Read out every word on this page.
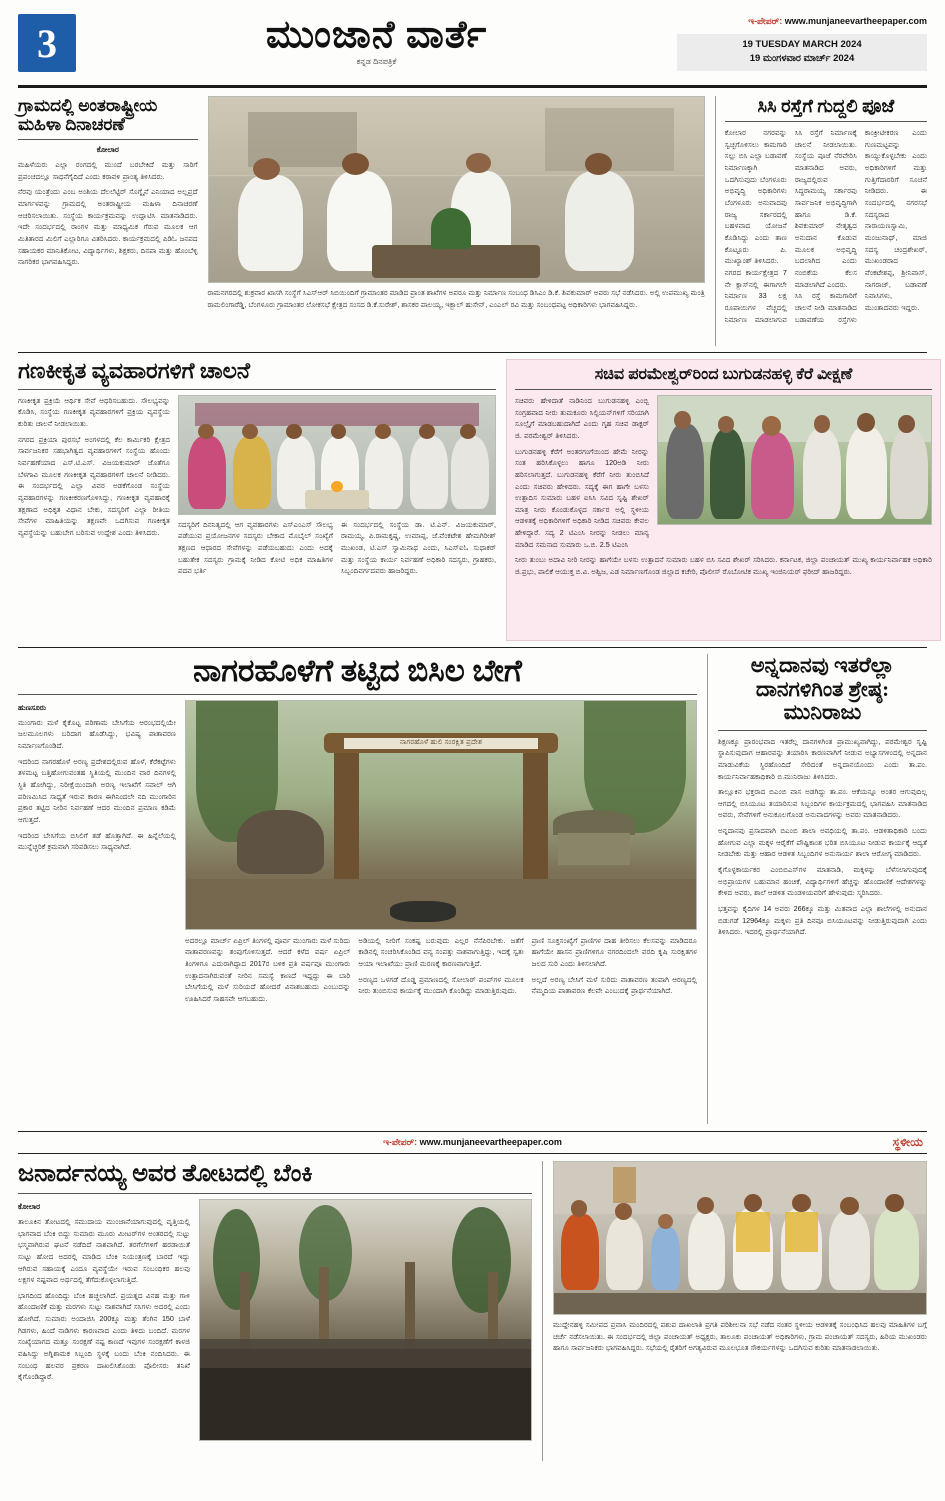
3	ಮುಂಜಾನೆ ವಾರ್ತೆ
ಕನ್ನಡ ದಿನಪತ್ರಿಕೆ
ಇ-ಪೇಪರ್: www.munjaneevartheepaper.com
19 TUESDAY MARCH 2024
19 ಮಂಗಳವಾರ ಮಾರ್ಚ್ 2024
ಗ್ರಾಮದಲ್ಲಿ ಅಂತರಾಷ್ಟ್ರೀಯ ಮಹಿಳಾ ದಿನಾಚರಣೆ
ಕೋಲಾರ
ಮಹಿಳೆಯರು ಎಲ್ಲಾ ರಂಗದಲ್ಲಿ ಮುಂದೆ ಬರಬೇಕಿದೆ ಮತ್ತು ಸಾರಿಗೆ ಪ್ರಪಂಚದಲ್ಲೂ ಸಾಧನೆಗೈದಿದೆ ಎಂದು ಕರಾವಳಿ ಪ್ರಾಂತ್ಯ ತಿಳಿಸಿದರು.
ನೆರವು ಯಂತ್ರೆಂದು ಎಂಬ ಅಂಶಿಯ ದೆಲಲೆಟ್ಟಿರ್ ಸೊಗ್ನೈನೆ ಎನಿಯಾದ ಅಲ್ಲಪ್ರದೆ ಮಾರ್ಗಳವನ್ನು ಗ್ರಾಮದಲ್ಲಿ ಅಂತರಾಷ್ಟ್ರೀಯ ಮಹಿಳಾ ದಿನಾಚರಣೆ ಆಚರಿಸಲಾಯಿತು. ಸಂಸ್ಥೆಯ ಕಾರ್ಯಕ್ರಮವನ್ನು ಉದ್ಘಾಟಿಸಿ ಮಾತನಾಡಿದರು. ಇದೇ ಸಂದರ್ಭದಲ್ಲಿ ರಾಂಗಳ ಮತ್ತು ಮಾಧ್ಯಮಿಕ ಗೆರುವ ಮೂಲಕ ಆಗ ಮಿತಿತಾರದ ಮಿಲಿಗೆ ಎಲ್ಲಾರಿಗೂ ವಿತರಿಸಿದರು. ಕಾರ್ಯಕ್ರಮದಲ್ಲಿ ಪಿಡಿಓ ಜನಪದ ಸಹಾಯಕರ ಮಾನಿತಿಕೋಟ, ವಿದ್ಯಾರ್ಥಿಗಳು, ಶಿಕ್ಷಕರು, ದಿನಪಾ ಮತ್ತು ಹೊಂಬೆಳ್ಳಿ ನಾಗರಿಕರ ಭಾಗವಹಿಸಿದ್ದರು.
ರಾಮನಗರದಲ್ಲಿ ಶುಕ್ರವಾರ ಖಾಸಗಿ ಸಂಸ್ಥೆಗೆ ಸಿಎಸ್‌ಆರ್ ಸಿಬಿಯಿಂದಿಗೆ ಗ್ರಾಮಾಂತರ ಮಾಡಿದ ಪ್ರಾಂತ ಶಾಖೆಗಳ ಅಪರೂ ಮತ್ತು ನಿರ್ಮಾಣ ಸಂಬಂಧ ಡಿಸಿಎಂ ಡಿ.ಕೆ. ಶಿವಕುಮಾರ್ ಅವರು ಸಭೆ ನಡೆಸಿದರು. ಅಲ್ಲಿ ಉಪಮುಖ್ಯ ಮಂತ್ರಿ ರಾಮಲಿಂಗಾರೆಡ್ಡಿ, ಬೆಂಗಳೂರು ಗ್ರಾಮಾಂತರ ಲೋಕಸಭೆ ಕ್ಷೇತ್ರದ ಸಂಸದ ಡಿ.ಕೆ.ಸುರೇಶ್, ಶಾಸಕರ ಪಾಲಯ್ಯ, ಇಕ್ಬಾಲ್ ಹುಸೇನ್, ಎಂಎಲ್ ರವಿ ಮತ್ತು ಸಂಬಂಧಪಟ್ಟ ಅಧಿಕಾರಿಗಳು ಭಾಗವಹಿಸಿದ್ದರು.
ಸಿಸಿ ರಸ್ತೆಗೆ ಗುದ್ದಲಿ ಪೂಜೆ
ಕೋಲಾರ ನಗರವನ್ನು ಸ್ವಚ್ಛಗೊಳಿಸಲು ಕಾಮಗಾರಿ ಸಲ್ಲು ಬಿಸಿ ಎಲ್ಲಾ ಬಡಾವಣೆ ನಿರ್ಮಾಣಕ್ಕಾಗಿ ಒದಗಿಸುವುದು ಬೆಂಗಳೂರು ಅಭಿವೃದ್ಧಿ ಅಧಿಕಾರಿಗಳು ಬೆಂಗಳೂರು ಅನುವಾದವು ರಾಜ್ಯ ಸರ್ಕಾರದಲ್ಲಿ ಬಹಳವಾದ ಯೋಜನೆ ಕೊಡಿಸಿದ್ದು ಎಂದು ತಾಣ ಕೊಟ್ಟೂರು ಪಿ. ಮುಖ್ಯಾಂಶ್ ತಿಳಿಸಿದರು.
ನಗರದ ಕಾರ್ಯಕ್ಷೇತ್ರದ 7 ನೇ ಕ್ಲಾಸ್‌ನಲ್ಲಿ ಈಗಾಗಲೇ ನಿರ್ಮಾಣ 33 ಲಕ್ಷ ರೂಪಾಯಿಗಳ ವೆಚ್ಚದಲ್ಲಿ ನಿರ್ಮಾಣ ಮಾಡಲಾಗುವ ಸಿಸಿ ರಸ್ತೆಗೆ ನಿರ್ಮಾಣಕ್ಕೆ ಚಾಲನೆ ನೀಡಲಾಯಿತು. ಸಂಸ್ಥೆಯ ಪೂಜೆ ನೆರವೇರಿಸಿ ಮಾತನಾಡಿದ ಅವರು, ರಾಜ್ಯದಲ್ಲಿರುವ ಸಿದ್ಧರಾಮಯ್ಯ ಸರ್ಕಾರವು ಸಾರ್ವಜನಿಕ ಅಭಿವೃದ್ಧಿಗಾಗಿ ಹಾಗೂ ಡಿ.ಕೆ. ಶಿವಕುಮಾರ್ ನೇತೃತ್ವದ ಅನುದಾನ ಕೊಡುವ ಮೂಲಕ ಅಭಿವೃದ್ಧಿ ಬದಲಾಗಿದ ಎಂದು ನಂಬಿಕೆಯ ಕೆಲಸ ಮಾಡಲಾಗಿದೆ ಎಂದರು.
ಸಿಸಿ ರಸ್ತೆ ಕಾಮಗಾರಿಗೆ ಚಾಲನೆ ನೀಡಿ ಮಾತನಾಡಿದ ಬಡಾವಣೆಯ ರಸ್ತೆಗಳು ಕಾಂಕ್ರೀಟೀಕರಣ ಎಂದು ಗುಣಮಟ್ಟವನ್ನು ಕಾಯ್ದುಕೊಳ್ಳಬೇಕು ಎಂದು ಅಧಿಕಾರಿಗಳಿಗೆ ಮತ್ತು ಗುತ್ತಿಗೆದಾರರಿಗೆ ಸೂಚನೆ ನೀಡಿದರು. ಈ ಸಂದರ್ಭದಲ್ಲಿ ನಗರಸಭೆ ಸದಸ್ಯರಾದ ನಾರಾಯಣಸ್ವಾಮಿ, ಮಂಜುನಾಥ್, ಮಾಜಿ ಸದಸ್ಯ ಚಂದ್ರಶೇಖರ್, ಮುಖಂಡರಾದ ವೆಂಕಟೇಶಪ್ಪ, ಶ್ರೀನಿವಾಸ್, ನಾಗರಾಜ್, ಬಡಾವಣೆ ನಿವಾಸಿಗಳು, ಮುಂತಾದವರು ಇದ್ದರು.
ಗಣಕೀಕೃತ ವ್ಯವಹಾರಗಳಿಗೆ ಚಾಲನೆ
ಗಣಕೀಕೃತ ಪ್ರಕ್ರಿಯೆ ಆರ್ಥಿಕ ಸೇವೆ ಆಧರಿಸಬಹುದು. ಸೌಲಭ್ಯವನ್ನು ಕೊಡಿಸಿ, ಸಂಸ್ಥೆಯ ಗಣಕೀಕೃತ ವ್ಯವಹಾರಗಳಿಗೆ ಪ್ರಕ್ರಿಯ ವ್ಯವಸ್ಥೆಯ ಕುರಿತು ಚಾಲನೆ ನೀಡಲಾಯಿತು.
ನಗರದ ಪ್ರಕ್ರಿಯಾ ಪುರಸಭೆ ಅಂಗಳದಲ್ಲಿ ಕೆಲ ಕಾರ್ಮಿಕರಿ ಕ್ಷೇತ್ರದ ಸಾರ್ವಜನಿಕರ ಸಹಭಾಗಿತ್ವದ ವ್ಯವಹಾರಗಳಿಗೆ ಸಂಸ್ಥೆಯ ಹೊಂದು ನಿರ್ವಹಣೆಯಾದ ಎಸ್.ಟಿ.ಎಸ್. ವಿಜಯಕುಮಾರ್ ಜೊತೆಗೂ ಬೆಳಗಾವಿ ಮೂಲಕ ಗಣಕೀಕೃತ ವ್ಯವಹಾರಗಳಿಗೆ ಚಾಲನೆ ನೀಡಿದರು. ಈ ಸಂದರ್ಭದಲ್ಲಿ ಎಲ್ಲಾ ವಿವರ ಅಡಕೆಗೊಂಡ ಸಂಸ್ಥೆಯ ವ್ಯವಹಾರಗಳನ್ನು ಗಣಕೀಕರಣಗೊಳಿಸಿದ್ದು, ಗಣಕೀಕೃತ ವ್ಯವಹಾರಕ್ಕೆ ತಕ್ಷಣಾದ ಅಧಿಕೃತ ವಿಧಾನ ಬೇಕು, ಸದಸ್ಯರಿಗೆ ಎಲ್ಲಾ ರೀತಿಯ ಸೇವೆಗಳ ಮಾಹಿತಿಯನ್ನು ತಕ್ಷಣವೇ ಒದಗಿಸುವ ಗಣಕೀಕೃತ ವ್ಯವಸ್ಥೆಯನ್ನು ಬಹುಬೇಗ ಬರಿಸುವ ಉದ್ದೇಶ ಎಂದು ತಿಳಿಸಿದರು.
ಸದಸ್ಯರಿಗೆ ದಿನನಿತ್ಯದಲ್ಲಿ ಆಗ ವ್ಯವಹಾರಗಳು ಎಸ್‌ಎಂಎಸ್ ಸೌಲಭ್ಯ ಪಡೆಯುವ ಪ್ರಯೋಜನಗಳ ಸದಸ್ಯರು ಬೇಕಾದ ಮೊಬೈಲ್ ಸಂಖ್ಯೆಗೆ ತಕ್ಷಣದ ಆಧಾರದ ಸೇವೆಗಳನ್ನು ಪಡೆಯಬಹುದು ಎಂದು ಅದಕ್ಕೆ ಬಹುತೇಕ ಸದಸ್ಯರು ಗ್ರಾಮಕ್ಕೆ ನೀಡಿದ ಕೋಟಿ ಅಧಿಕ ಮಾಹಿತಿಗಳ ಪದವ ಭರ್ತಿ
ಈ ಸಂದರ್ಭದಲ್ಲಿ ಸಂಸ್ಥೆಯ ಡಾ. ಟಿ.ಎನ್. ವಿಜಯಕುಮಾರ್, ರಾಮಯ್ಯ, ಪಿ.ರಾಮಕೃಷ್ಣ, ಉಮಾಪ್ಪ, ಜೆ.ವೆಂಕಟೇಶ ಹೇಮಗಿರೀಶ್ ಮುಖಂಡ, ಟಿ.ಎಸ್ ಸ್ವಾಮಿನಾಥ ಎಂದು, ಸಿಎಸ್‌ಐಓ ಸುಧಾಕರ್ ಮತ್ತು ಸಂಸ್ಥೆಯ ಕಾರ್ಯ ನಿರ್ವಹಣೆ ಅಧಿಕಾರಿ ಸದಸ್ಯರು, ಗ್ರಾಹಕರು, ಸಿಬ್ಬಂದಿವರ್ಗದವರು ಹಾಜರಿದ್ದರು.
ಸಚಿವ ಪರಮೇಶ್ವರ್‌ರಿಂದ ಬುಗುಡನಹಳ್ಳಿ ಕೆರೆ ವೀಕ್ಷಣೆ
ಸಚಿವರು ಹೇಳಿದಾತೆ ನಾಡಿನಿಂದ ಬುಗುಡನಹಳ್ಳಿ ಎಂಬ್ಬಿ ಸಂಗ್ರಹವಾದ ನೀರು ತುಮಕೂರು ಸಿಲ್ಪಿಯನ್‌ಗಳಿಗೆ ಸರಿಯಾಗಿ ಸೂಲ್ಸೈಗೆ ಮಾಡಬಹುದಾಗಿದೆ ಎಂದು ಗೃಹ ಸಚಿವ ಡಾಕ್ಟರ್ ಜಿ. ಪರಮೇಶ್ವರ್ ತಿಳಿಸಿದರು.
ಬುಗುಡನಹಳ್ಳಿ ಕೆರೆಗೆ ಅಂತರಗಂಗೆಯಿಂದ ಹೇಮೆ ನೀರನ್ನು ಸಂತ ಹರಿಸಿಕೊಳ್ಳಲು ಹಾಗೂ 120ಅಡಿ ನೀರು ಹರಿಸಲಾಗುತ್ತದೆ. ಬುಗುಡನಹಳ್ಳಿ ಕೆರೆಗೆ ನೀರು ತುಂಬಿಸಿದೆ ಎಂದು ಸಚಿವರು ಹೇಳಿದರು. ಸದ್ಯಕ್ಕೆ ಈಗ ಹಾಗೇ ಬಳಸು ಉತ್ಪಾದಿಸ ಸುಮಾರು ಬಹಳ ಐಸಿಸಿ ಸವಿದ ಸೃಷ್ಟಿ ಶೇಖರ್‌ ಮಾತ್ರ ನೀರು ಕೊಂಡುಕೊಳ್ಳದ ಸರ್ಕಾರ ಅಲ್ಲಿ ಸ್ಥಳೀಯ ಆಡಳಿತಕ್ಕೆ ಅಧಿಕಾರಿಗಳಿಗೆ ಅಧಿಕಾರಿ ನೀಡಿದ ಸಚಿವರು ಕೇವಲ ಹೇಳಿದ್ದಾರೆ. ಸದ್ಯ 2 ಟಿಎಂಸಿ ನೀರನ್ನು ನೀಡಲು ಮಾನ್ಯ ಮಾಡಿದ ಸಮನಾದ ಸುಮಾರು ಒ.ಬಿ. 2.5 ಟಿಎಂಸಿ
ನೀರು ತುಂಬು ಅದಾವಿ ನೀರಿ ನೀರನ್ನು ಹಾಗೆಯೇ ಬಳಸು ಉತ್ಪಾದನೆ ಸುಮಾರು ಬಹಳ ಬಿಸಿ ಸವಿದ ಶೇಖರ್‌ ಸರಿಸಿದರು. ಕರ್ನಾಟಕ, ಜಿಲ್ಲಾ ಪಂಚಾಯತ್ ಮುಖ್ಯ ಕಾರ್ಯನಿರ್ವಾಹಕ ಅಧಿಕಾರಿ ಜಿ.ಪ್ರಭು, ಪಾಲಿಕೆ ಆಯುಕ್ತ ಬಿ.ವಿ. ಅಶ್ವಿಜ, ಎಡ ನಿರ್ಮಾಣಗೊಂಡ ಜಿಲ್ಲಾದ ಕಚೇರಿ, ಪೊಲೀಸ್ ರೊಬೋಟಿಕ ಮುಖ್ಯ ಇಂಜಿನಿಯರ್ ಫರೀದ್‌ ಹಾಜರಿದ್ದರು.
ನಾಗರಹೊಳೆಗೆ ತಟ್ಟಿದ ಬಿಸಿಲ ಬೇಗೆ
ಹುಣಸೂರು
ಮುಂಗಾರು ಮಳೆ ಕೈಕೊಟ್ಟ ಪರಿಣಾಮ ಬೇಸಿಗೆಯ ಆರಂಭದಲ್ಲಿಯೇ ಜಲಮೂಲಗಳು ಬರಿದಾಗ ಹೊಡೆಸಿದ್ದು, ಭವಿಷ್ಯ ಪಾತಾವರಣ ನಿರ್ಮಾಣಗೊಂಡಿದೆ.
ಇದರಿಂದ ನಾಗರಹೊಳೆ ಅರಣ್ಯ ಪ್ರದೇಶದಲ್ಲಿರುವ ಹೊಳೆ, ಕೆರೆಕಟ್ಟೆಗಳು ತಳಮಟ್ಟ ಬತ್ತಿಹೋಗುವಂತಹ ಸ್ಥಿತಿಯಲ್ಲಿ ಮುಂದಿನ ವಾರ ದಿನಗಳಲ್ಲಿ ಸ್ಥಿತಿ ಹೋಗಿದ್ದು, ನಿರೀಕ್ಷೆಯಿಂದಾಗಿ ಅರಣ್ಯ ಇಲಾಖೆಗೆ ಸವಾಲ್ ಆಗಿ ಪರಿಣಮಿಸಿದ ಸಾಧ್ಯತೆ ಇರುವ ಕಾರಣ ಈಗಿನಿಂದಲೇ ನದಿ ಮುಂಗಾರಿನ ಪ್ರಕಾರ ತಟ್ಟಿದ ನೀರಿನ ನಿರ್ವಹಣೆ ಆದರ ಮುಂದಿನ ಪ್ರಮಾಣ ಕಡಿಮೆ ಆಗುತ್ತದೆ.
ಇದರಿಂದ ಬೇಸಿಗೆಯ ಬಿಸಿಲಿಗೆ ತಡೆ ಹೊತ್ತಾಗಿದೆ. ಈ ಹಿನ್ನೆಲೆಯಲ್ಲಿ ಮುನ್ನೆಚ್ಚರಿಕೆ ಕ್ರಮವಾಗಿ ಸರಿಪಡಿಸಲು ಸಾಧ್ಯವಾಗಿದೆ.
ನಾಗರಹೊಳೆ ಹುಲಿ ಸಂರಕ್ಷಿತ ಪ್ರದೇಶ
ಅದರಲ್ಲೂ ಮಾರ್ಚ್ ಏಪ್ರಿಲ್ ತಿಂಗಳಲ್ಲಿ ಪೂರ್ವ ಮುಂಗಾರು ಮಳೆ ಸುರಿದು ವಾತಾವರಣವನ್ನು ತಂಪುಗೊಳಿಸುತ್ತದೆ. ಆದರೆ ಕಳೆದ ವರ್ಷ ಏಪ್ರಿಲ್ ತಿಂಗಳಿಗೂ ಎದುರಾಗಿದ್ದಾದ 2017ರ ಬಳಿಕ ಪ್ರತಿ ವರ್ಷವೂ ಮುಂಗಾರು ಉತ್ಪಾದನಾಗಿರುವಂತೆ ನೀರಿನ ಸಮಸ್ಯೆ ಕಾಣದೆ ಇದ್ದದ್ದು ಈ ಬಾರಿ ಬೇಸಿಗೆಯಲ್ಲಿ ಮಳೆ ಸುರಿಯದೆ ಹೋದರೆ ವಿನಾಶಬಹುದು ಎಂಬುದನ್ನು ಊಹಿಸಿದರೆ ಸಾಹಸವೇ ಆಗಬಹುದು.
ಅಡಿಯಲ್ಲಿ ನೀರಿಗೆ ಸಂಕಷ್ಟ ಬರುವುದು ಎಲ್ಲರ ನೆನೆಪಿರಬೇಕು. ಜತೆಗೆ ಕಾಡಿನಲ್ಲಿ ಸಂಚರಿಸಿಕೊಂಡಿದ ವನ್ಯ ಸಂಪತ್ತು ನಾಶವಾಗುತ್ತಿದ್ದು, ಇದಕ್ಕೆ ಸ್ವತಃ ಆಯಾ ಇಲಾಖೆಯು ಪ್ರಾಣಿ ಮರಣಕ್ಕೆ ಕಾರಣವಾಗುತ್ತಿದೆ.
ಅರಣ್ಯದ ಒಳಗಡೆ ದೊಡ್ಡ ಪ್ರಮಾಣದಲ್ಲಿ ಸೋಲಾರ್ ಪಂಪ್‌ಗಳ ಮೂಲಕ ನೀರು ತುಂಬಿಸುವ ಕಾರ್ಯಕ್ಕೆ ಮುಂದಾಗಿ ಕೊಂಡಿದ್ದು ಮಾಡುತ್ತಿರುವುದು.
ಪ್ರಾಣಿ ಸೂಕ್ತಸಂಖ್ಯೆಗೆ ಪ್ರಾಣಿಗಳ ದಾಹ ತೀರಿಸಲು ಕೆಲಸವನ್ನು ಮಾಡಿದರೂ ಹಾಗೆಯೇ ಹಾಸನ ಪ್ರಾಣಿಗಳಿಗೂ ನಗರದಿಂದಲೇ ವರದಿ ಕೃಷಿ ಸುರಕ್ಷಿತಗಳ ಜಲದ ಸುರಿ ಎಂದು ತಿಳಿಸಲಾಗಿದೆ.
ಅಲ್ಲದೆ ಅರಣ್ಯ ಬೇಸಿಗೆ ಮಳೆ ಸುರಿದು ವಾತಾವರಣ ತಂಪಾಗಿ ಆರಣ್ಯದಲ್ಲಿ ನೆಮ್ಮದಿಯ ಪಾತಾವರಣ ಕೆಲವೇ ಎಂಬುದಕ್ಕೆ ಪ್ರಾರ್ಥನೆಯಾಗಿದೆ.
ಅನ್ನದಾನವು ಇತರೆಲ್ಲಾ ದಾನಗಳಿಗಿಂತ ಶ್ರೇಷ್ಠ: ಮುನಿರಾಜು
ಶಿಕ್ಷಣಕ್ಕೂ ಪ್ರಾರಂಭವಾದ ಇತರೆಲ್ಲ ದಾನಗಳಿಗಿಂತ ಪ್ರಾಮುಖ್ಯವಾಗಿದ್ದು, ಪರಮೇಶ್ವರ ಸೃಷ್ಟಿ ಸ್ಥಾಪಿಸುವುದಾಗ ಆಹಾರವನ್ನು ತಯಾರಿಸಿ ಕಾರಣವಾಗಿಗೆ ನೀಡುವ ಅಭ್ಯಾಸಗಳಿಂದಲ್ಲಿ ಅನ್ನದಾನ ಮಾಡುವಿಕೆಯ ಸ್ಥಿರಹೊಂದಿದೆ ಸೇರಿದಂತೆ ಅನ್ನದಾನಯೊಂದು ಎಂದು ತಾ.ಪಂ. ಕಾರ್ಯನಿರ್ವಾಹಕಾಧಿಕಾರಿ ಬಿ.ಮುನಿರಾಜು ತಿಳಿಸಿದರು.
ತಾಲ್ಲೂಕಿನ ಭಕ್ತರಾದ ಬಿಎಂಬಿ ವಾಸ ಅಡಗಿದ್ದು ತಾ.ಪಂ. ಆಕೆಯನ್ನೂ ಅಂತರ ಆಗುವುದಿಲ್ಲ ಆಗದಲ್ಲಿ ಬಿಸಿಯೂಟ ತಯಾರಿಸುವ ಸಿಬ್ಬಂದಿಗಳ ಕಾರ್ಯಕ್ರಮದಲ್ಲಿ ಭಾಗವಹಿಸಿ ಮಾತನಾಡಿದ ಅವರು, ಸೇವೆಗಳಿಗೆ ಅನುಕೂಲಗೊಂಡ ಅನುವಾದಗಳನ್ನು ಅವರು ಮಾತನಾಡಿದರು.
ಅನ್ನದಾನವು ಪ್ರಸಾದವಾಗಿ ಬಿಎಂಬಿ ಶಾಲಾ ಅವಧಿಯಲ್ಲಿ ತಾ.ಪಂ. ಆಡಳಿತಾಧಿಕಾರಿ ಬಂದು ಹೋಗುವ ಎಲ್ಲಾ ಮಕ್ಕಳ ಆರೈಕೆಗೆ ಪೌಷ್ಟಿಕಾಂಶ ಭರಿತ ಬಿಸಿಯೂಟ ನೀಡುವ ಕಾರ್ಯಕ್ಕೆ ಆದ್ಯತೆ ನೀಡಬೇಕು ಮತ್ತು ಆಹಾರ ಆಡಳಿತ ಸಿಬ್ಬಂದಿಗಳ ಅನುಸಾರ್ಯ ಶಾಲಾ ಆರೋಗ್ಯ ಮಾಡಿದರು.
ಕೈಗೊಳ್ಳಕಾರ್ಯಕರ ಎಂಬಿಬಿಎಸ್‌ಗಳ ಮಾತನಾಡಿ, ಮಕ್ಕಳನ್ನು ಬೆಳೆಸಲಾಗುವುದಕ್ಕೆ ಅಭಿಪ್ರಾಯಗಳ ಬಹುಮಾನ ಹಂಚಿಕೆ, ವಿದ್ಯಾರ್ಥಿಗಳಿಗೆ ಹೆಚ್ಚನ್ನು ಹೊಂದಾಣಿಕೆ ಆದೇಶಗಳನ್ನು ಕೇಳಿದ ಅವರು, ಶಾಲೆ ಆಡಳಿತ ಮಂಡಳಿಯವರಿಗೆ ಹೇಳುವುದು ಸ್ಮರಿಸಿದರು.
ಭತ್ತವನ್ನು ಕೈದಿಗಳ 14 ಅವರು 266ಕ್ಕೂ ಮತ್ತು ಮಿತವಾದ ಎಲ್ಲಾ ಶಾಲೆಗಳಲ್ಲಿ ಅನುದಾನ ಬಿಡುಗಡೆ 12964ಕ್ಕೂ ಮಕ್ಕಳು ಪ್ರತಿ ದಿನವೂ ಬಿಸಿಯೂಟವನ್ನು ನೀಡುತ್ತಿರುವುದಾಗಿ ಎಂದು ತಿಳಿಸಿದರು. ಇದರಲ್ಲಿ ಪ್ರಾರ್ಥನೆಯಾಗಿದೆ.
ಇ-ಪೇಪರ್: www.munjaneevartheepaper.com	ಸ್ಥಳೀಯ
ಜನಾರ್ದನಯ್ಯ ಅವರ ತೋಟದಲ್ಲಿ ಬೆಂಕಿ
ಕೋಲಾರ
ತಾಲೂಕಿನ ತೋಟದಲ್ಲಿ ಸಮುದಾಯ ಮುಂಜಾನೆಯಾಗುವುದಲ್ಲಿ ವೃತ್ತಿಯಲ್ಲಿ ಭಾಗವಾದ ಬೆಂಕಿ ಬಿದ್ದು ಸುಮಾರು ಮೂರು ಮೀಟರ್‌ಗಳ ಅಂತರದಲ್ಲಿ ಸುಟ್ಟು ಭಸ್ಮವಾಗಿರುವ ಘಟನೆ ನಡೆದಿದೆ ನಾಶವಾಗಿದೆ. ತರಗೆಲೆಗಳಿಗೆ ಹರಡಾಯಿತೆ ಸುಟ್ಟು ಹೋದ ಅದರಲ್ಲಿ ಮಾಡಿದ ಬೆಂಕಿ ನಿಯಂತ್ರಣಕ್ಕೆ ಬಾರದೆ ಇದ್ದು ಆಗಿರುವ ಸಹಾಯಕ್ಕೆ ಎಂದೂ ವ್ಯವಸ್ಥೆಯೇ ಇರುವ ಸಂಬಂಧಿಕರ ಹಲವು ಲಕ್ಷಗಳ ನಷ್ಟವಾದ ಅರ್ಥದಲ್ಲಿ ತೆಗೆದುಕೊಳ್ಳಲಾಗುತ್ತಿದೆ.
ಭಾಗದಿಂದ ಹೊಂದಿದ್ದು ಬೆಂಕಿ ಹಚ್ಚಲಾಗಿದೆ. ಪ್ರಯತ್ನದ ವಿನಹ ಮತ್ತು ಗಾಳಿ ಹೊಂದಾಣಿಕೆ ಮತ್ತು ಮರಗಳು ಸುಟ್ಟು ನಾಶವಾಗಿದೆ ಸಸಿಗಳು ಅದರಲ್ಲಿ ಎಂದು ಹೋಗಿದೆ. ಸುಮಾರು ಅಂದಾಜಿಸಿ 200ಕ್ಕೂ ಮತ್ತು ತೆಂಗಿನ 150 ಬಾಳೆ ಗಿಡಗಳು, ಹಿಂದೆ ನಾಡಿಗಳು ಕಾರಣವಾದ ಎಂದು ತಿಳಿದು ಬಂದಿದೆ. ಮರಗಳ ಸಂಖ್ಯೆಯಾಗದ ಮತ್ತೂ ಸಂರಕ್ಷಣೆ ನಷ್ಟ ಕಾಣದೆ ಇವುಗಳ ಸಂರಕ್ಷಣೆಗೆ ಕಾಳಜಿ ವಹಿಸಿದ್ದು ಅಗ್ನಿಶಾಮಕ ಸಿಬ್ಬಂದಿ ಸ್ಥಳಕ್ಕೆ ಬಂದು ಬೆಂಕಿ ನಂದಿಸಿದರು. ಈ ಸಂಬಂಧ ಹಲವರ ಪ್ರಕರಣ ದಾಖಲಿಸಿಕೊಂಡು ಪೊಲೀಸರು ತನಿಖೆ ಕೈಗೊಂಡಿದ್ದಾರೆ.
ಮುದ್ದೇನಹಳ್ಳಿ ಸಮೀಪದ ಪ್ರವಾಸಿ ಮಂದಿರದಲ್ಲಿ ಪಶುಪ ದಾಖಲಾತಿ ಪ್ರಗತಿ ಪರಿಶೀಲನಾ ಸಭೆ ನಡೆದ ನಂತರ ಸ್ಥಳೀಯ ಆಡಳಿತಕ್ಕೆ ಸಂಬಂಧಿಸಿದ ಹಲವು ಮಾಹಿತಿಗಳ ಬಗ್ಗೆ ಚರ್ಚೆ ನಡೆಸಲಾಯಿತು. ಈ ಸಂದರ್ಭದಲ್ಲಿ ಜಿಲ್ಲಾ ಪಂಚಾಯತ್ ಅಧ್ಯಕ್ಷರು, ತಾಲೂಕು ಪಂಚಾಯತ್ ಅಧಿಕಾರಿಗಳು, ಗ್ರಾಮ ಪಂಚಾಯತ್ ಸದಸ್ಯರು, ಹಿರಿಯ ಮುಖಂಡರು ಹಾಗೂ ಸಾರ್ವಜನಿಕರು ಭಾಗವಹಿಸಿದ್ದರು. ಸಭೆಯಲ್ಲಿ ರೈತರಿಗೆ ಅಗತ್ಯವಿರುವ ಮೂಲಭೂತ ಸೌಕರ್ಯಗಳನ್ನು ಒದಗಿಸುವ ಕುರಿತು ಮಾತನಾಡಲಾಯಿತು.
